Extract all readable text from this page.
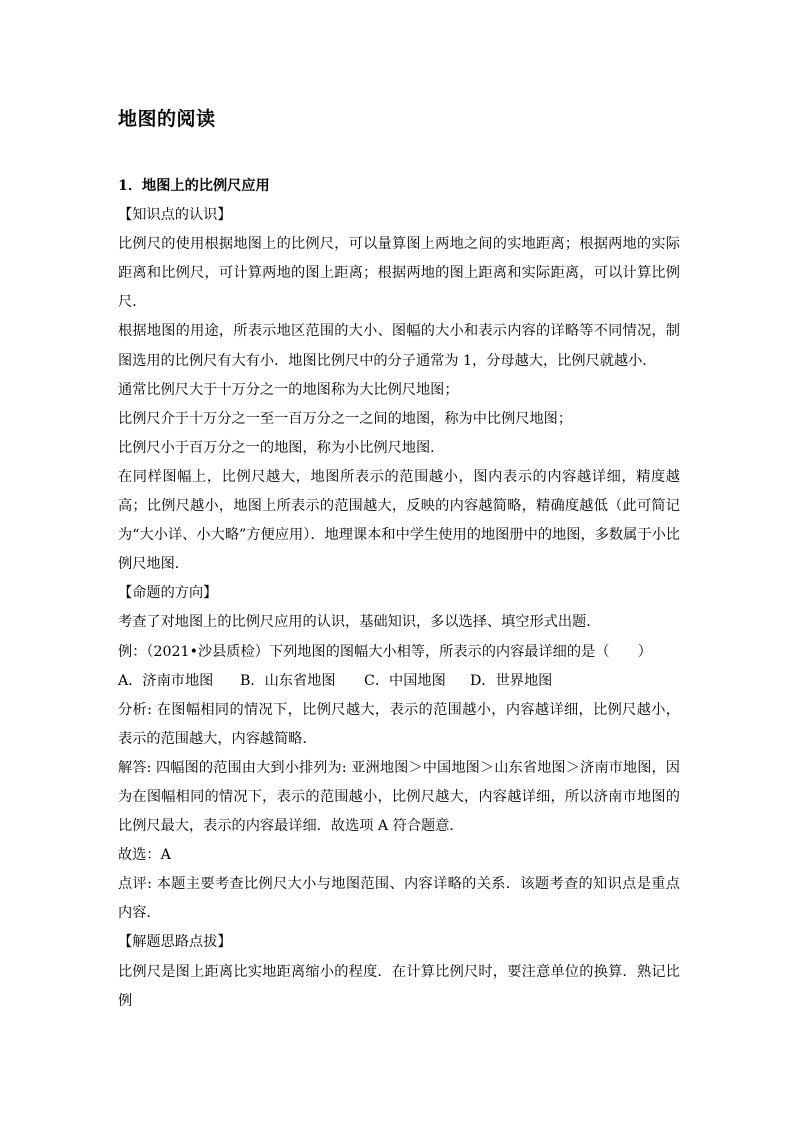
地图的阅读

1．地图上的比例尺应用

【知识点的认识】

比例尺的使用根据地图上的比例尺，可以量算图上两地之间的实地距离；根据两地的实际距离和比例尺，可计算两地的图上距离；根据两地的图上距离和实际距离，可以计算比例尺．

根据地图的用途，所表示地区范围的大小、图幅的大小和表示内容的详略等不同情况，制图选用的比例尺有大有小．地图比例尺中的分子通常为 1，分母越大，比例尺就越小．

通常比例尺大于十万分之一的地图称为大比例尺地图；

比例尺介于十万分之一至一百万分之一之间的地图，称为中比例尺地图；

比例尺小于百万分之一的地图，称为小比例尺地图．

在同样图幅上，比例尺越大，地图所表示的范围越小，图内表示的内容越详细，精度越高；比例尺越小，地图上所表示的范围越大，反映的内容越简略，精确度越低（此可简记为“大小详、小大略”方便应用）．地理课本和中学生使用的地图册中的地图，多数属于小比例尺地图．

【命题的方向】

考查了对地图上的比例尺应用的认识，基础知识，多以选择、填空形式出题．

例：（2021•沙县质检）下列地图的图幅大小相等，所表示的内容最详细的是（　　）

A．济南市地图 B．山东省地图 C．中国地图 D．世界地图

分析: 在图幅相同的情况下，比例尺越大，表示的范围越小，内容越详细，比例尺越小，表示的范围越大，内容越简略．

解答: 四幅图的范围由大到小排列为: 亚洲地图＞中国地图＞山东省地图＞济南市地图，因为在图幅相同的情况下，表示的范围越小，比例尺越大，内容越详细，所以济南市地图的比例尺最大，表示的内容最详细．故选项 A 符合题意．

故选：A

点评: 本题主要考查比例尺大小与地图范围、内容详略的关系．该题考查的知识点是重点内容．

【解题思路点拔】

比例尺是图上距离比实地距离缩小的程度．在计算比例尺时，要注意单位的换算．熟记比例
